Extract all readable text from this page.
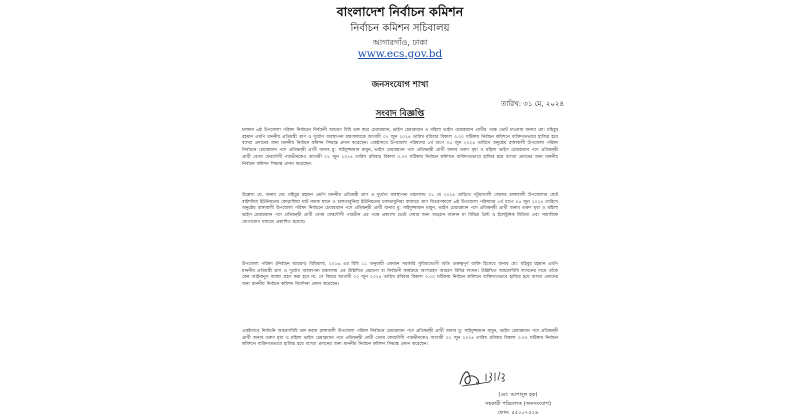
বাংলাদেশ নির্বাচন কমিশন
নির্বাচন কমিশন সচিবালয়
আগারগাঁও, ঢাকা
www.ecs.gov.bd
জনসংযোগ শাখা
তারিখ: ৩১ মে, ২০২৪
সংবাদ বিজ্ঞপ্তি

চলমান ৬ষ্ঠ উপজেলা পরিষদ নির্বাচনে নির্বাচনী আচরণ বিধি ভঙ্গ করে চেয়ারম্যান, ভাইস চেয়ারম্যান ও মহিলা ভাইস চেয়ারম্যান প্রার্থীর পক্ষে ভোট চাওয়ায় জনাব মো: মহিবুর রহমান এমপি মাননীয় প্রতিমন্ত্রী ত্রাণ ও দুর্যোগ ব্যবস্থাপনা মন্ত্রণালয়কে আগামী ০২ জুন ২০২৪ তারিখ রবিবার বিকাল ৩.০০ ঘটিকায় নির্বাচন কমিশনে ব্যক্তিগতভাবে হাজির হয়ে ব্যাখ্যা প্রদানের জন্য মাননীয় নির্বাচন কমিশন সিদ্ধান্ত প্রদান করেছেন। একইসাথে উপজেলা পরিষদের ৫র্থ ধাপে ০৫ জুন ২০২৪ তারিখে অনুষ্ঠেয় রাঙ্গাবালী উপজেলা পরিষদ নির্বাচনে চেয়ারম্যান পদে প্রতিদ্বন্দ্বী প্রার্থী জনাব মু: সাইদুজ্জামান মামুন, ভাইস চেয়ারম্যান পদে প্রতিদ্বন্দ্বী প্রার্থী জনাব তরুণ মৃধা ও মহিলা ভাইস চেয়ারম্যান পদে প্রতিদ্বন্দ্বী প্রার্থী বেগম ফেরদৌসী পারভীনকেও আগামী ০২ জুন ২০২৪ তারিখ রবিবার বিকাল ৩.০০ ঘটিকায় নির্বাচন কমিশনে ব্যক্তিগতভাবে হাজির হয়ে ব্যাখ্যা প্রদানের জন্য মাননীয় নির্বাচন কমিশন সিদ্ধান্ত প্রদান করেছেন।

উল্লেখ্য যে, জনাব মো: মহিবুর রহমান এমপি মাননীয় প্রতিমন্ত্রী ত্রাণ ও দুর্যোগ ব্যবস্থাপনা মন্ত্রণালয় ৩১ মে ২০২৪ তারিখে পটুয়াখালী জেলার রাঙ্গাবালী উপজেলার ছোট বাইশদিয়া ইউনিয়নের কোড়ালিয়া ঘাট নামক স্থানে ও চালতাবুনিয়া ইউনিয়নের চালতাবুনিয়া বাজারে ত্রাণ বিতরণকালে ৬ষ্ঠ উপজেলা পরিষদের ৫র্থ ধাপে ০৫ জুন ২০২৪ তারিখে অনুষ্ঠেয় রাঙ্গাবালী উপজেলা পরিষদ নির্বাচনে চেয়ারম্যান পদে প্রতিদ্বন্দ্বী প্রার্থী জনাব মু: সাইদুজ্জামান মামুন, ভাইস চেয়ারম্যান পদে প্রতিদ্বন্দ্বী প্রার্থী জনাব তরুণ মৃধা ও মহিলা ভাইস চেয়ারম্যান পদে প্রতিদ্বন্দ্বী প্রার্থী বেগম ফেরদৌসী পারভীন এর পক্ষে প্রকাশ্যে ভোট দেয়ার জন্য আহ্বান জানান যা বিভিন্ন প্রিন্ট ও ইলেক্ট্রনিক মিডিয়া এবং সামাজিক যোগাযোগ মাধ্যমে প্রকাশিত হয়েছে।

উপজেলা পরিষদ (নির্বাচন আচরণ) বিধিমালা, ২০১৬ এর বিধি ১১ অনুযায়ী একজন সরকারি সুবিধাভোগী অতি গুরুত্বপূর্ণ ব্যক্তি হিসেবে জনাব মো: মহিবুর রহমান এমপি মাননীয় প্রতিমন্ত্রী ত্রাণ ও দুর্যোগ ব্যবস্থাপনা মন্ত্রণালয় এর উল্লিখিত প্রচারণা বা নির্বাচনী কার্যক্রমে অংশগ্রহণ আচরণ বিধির লংঘন। উল্লিখিত আচরণবিধি লংঘনের দায়ে তাঁকে কেন আইনানুগ ব্যবস্থা গ্রহণ করা হবে না, সে বিষয়ে আগামী ০২ জুন ২০২৪ তারিখ রবিবার বিকাল ৩.০০ ঘটিকায় নির্বাচন কমিশনে ব্যক্তিগতভাবে হাজির হয়ে ব্যাখ্যা প্রদানের জন্য মাননীয় নির্বাচন কমিশন নির্দেশনা প্রদান করেছেন।

একইসাথে নির্বাচনি আচরণবিধি ভঙ্গ করায় রাঙ্গাবালী উপজেলা পরিষদ নির্বাচনে চেয়ারম্যান পদে প্রতিদ্বন্দ্বী প্রার্থী জনাব মু: সাইদুজ্জামান মামুন, ভাইস চেয়ারম্যান পদে প্রতিদ্বন্দ্বী প্রার্থী জনাব তরুণ মৃধা ও মহিলা ভাইস চেয়ারম্যান পদে প্রতিদ্বন্দ্বী প্রার্থী বেগম ফেরদৌসী পারভীনকেও আগামী ০২ জুন ২০২৪ তারিখ রবিবার বিকাল ৩.০০ ঘটিকায় নির্বাচন কমিশনে ব্যক্তিগতভাবে হাজির হয়ে ব্যাখ্যা প্রদানের জন্য মাননীয় নির্বাচন কমিশন সিদ্ধান্ত প্রদান করেছেন।

(মো: আশাদুল হক)
সহকারী পরিচালক (জনসংযোগ)
ফোন: ৫৫০০৭৫২৬
